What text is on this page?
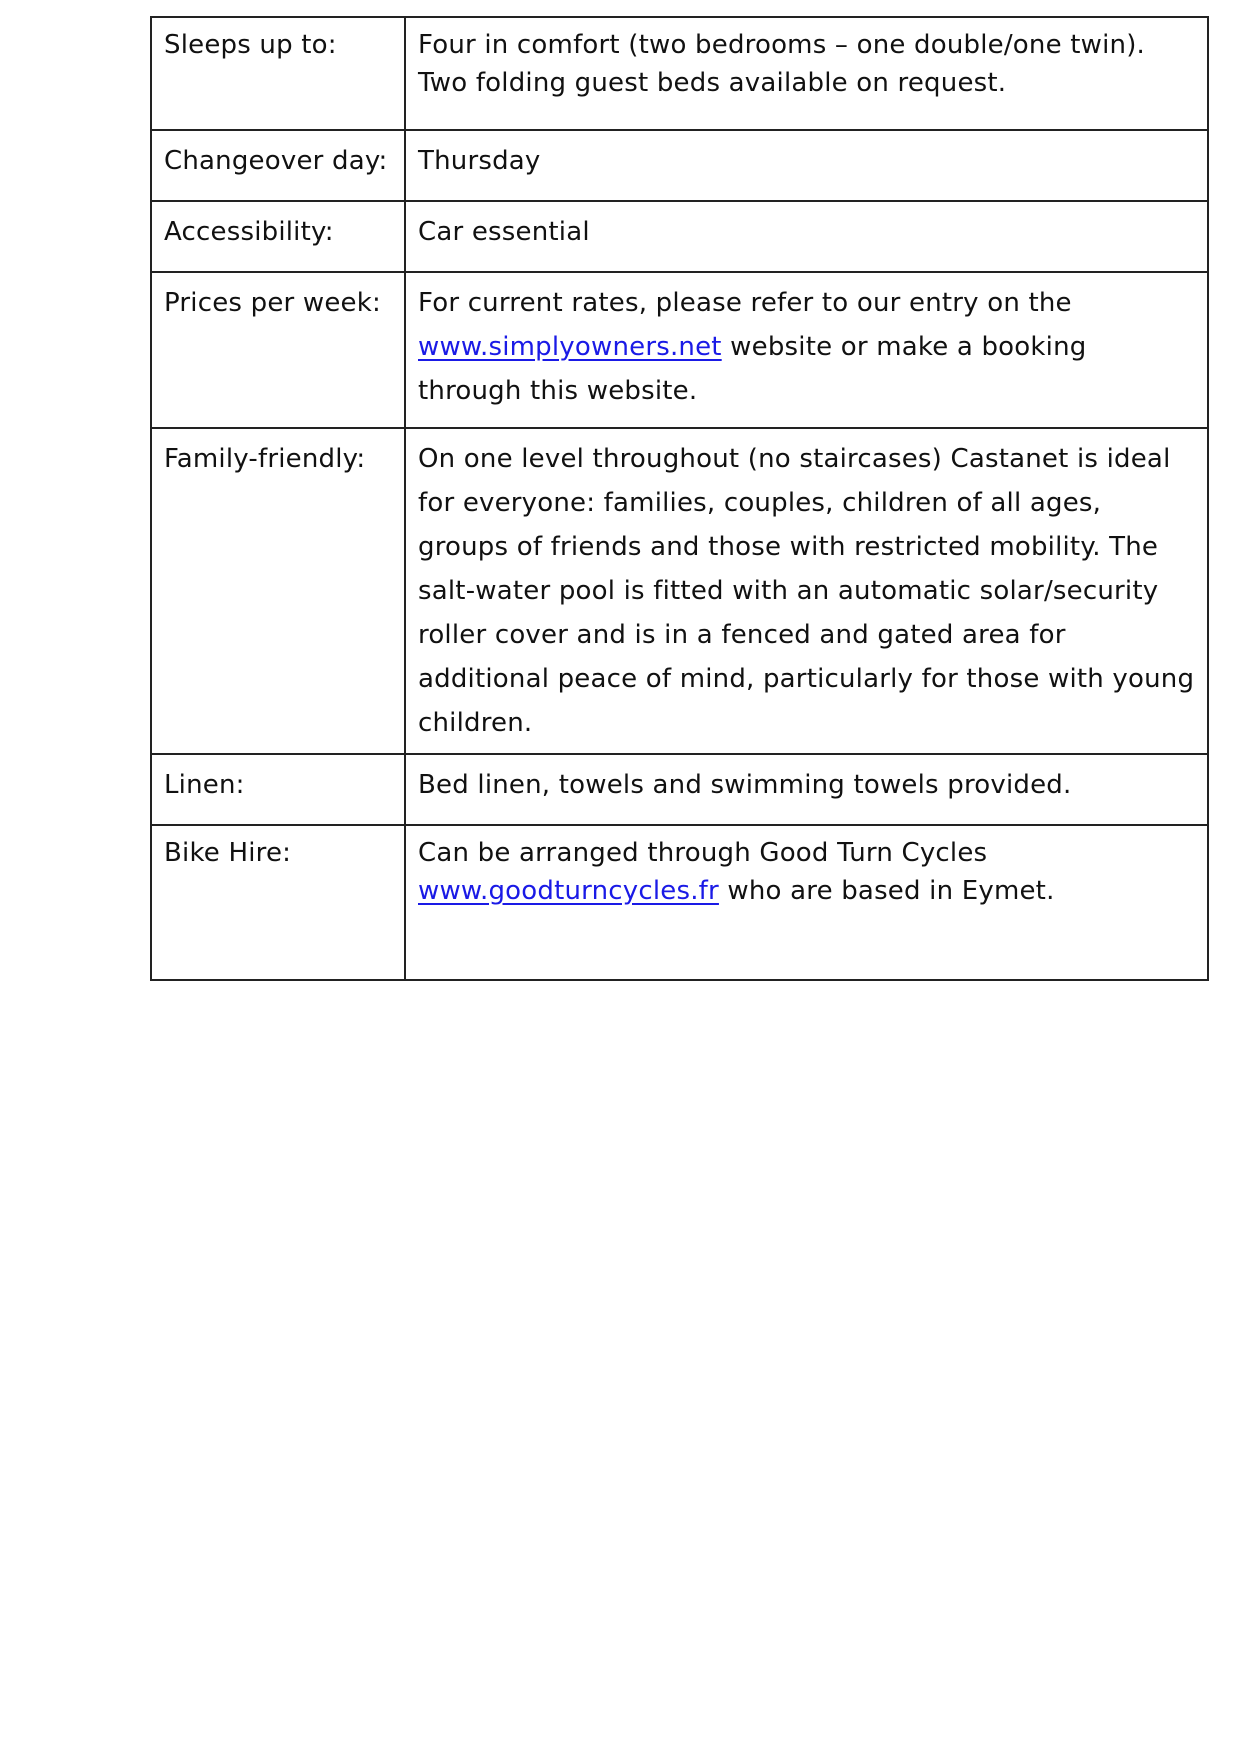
Sleeps up to:	Four in comfort (two bedrooms – one double/one twin). Two folding guest beds available on request.
Changeover day:	Thursday
Accessibility:	Car essential
Prices per week:	For current rates, please refer to our entry on the www.simplyowners.net website or make a booking through this website.
Family-friendly:	On one level throughout (no staircases) Castanet is ideal for everyone: families, couples, children of all ages, groups of friends and those with restricted mobility. The salt-water pool is fitted with an automatic solar/security roller cover and is in a fenced and gated area for additional peace of mind, particularly for those with young children.
Linen:	Bed linen, towels and swimming towels provided.
Bike Hire:	Can be arranged through Good Turn Cycles www.goodturncycles.fr who are based in Eymet.
